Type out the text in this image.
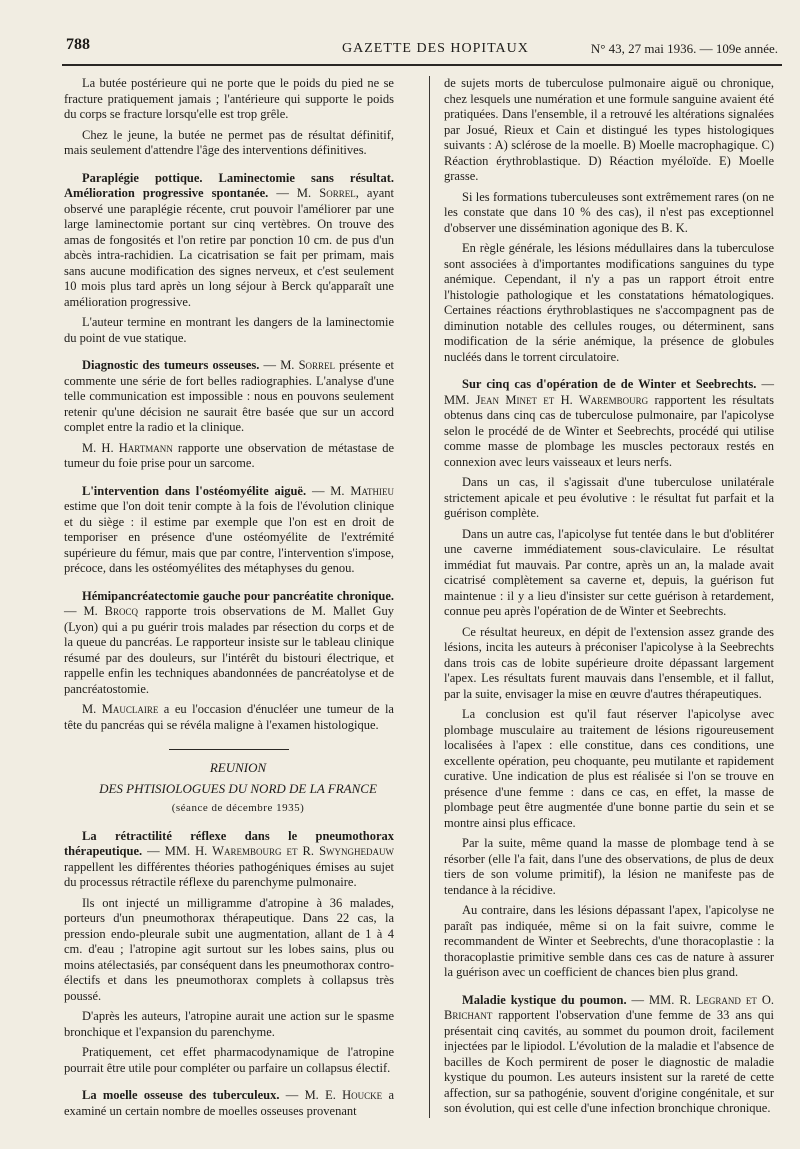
788	GAZETTE DES HOPITAUX	N° 43, 27 mai 1936. — 109e année.

La butée postérieure qui ne porte que le poids du pied ne se fracture pratiquement jamais ; l'antérieure qui supporte le poids du corps se fracture lorsqu'elle est trop grêle.

Chez le jeune, la butée ne permet pas de résultat définitif, mais seulement d'attendre l'âge des interventions définitives.

Paraplégie pottique. Laminectomie sans résultat. Amélioration progressive spontanée. — M. Sorrel, ayant observé une paraplégie récente, crut pouvoir l'améliorer par une large laminectomie portant sur cinq vertèbres. On trouve des amas de fongosités et l'on retire par ponction 10 cm. de pus d'un abcès intra-rachidien. La cicatrisation se fait per primam, mais sans aucune modification des signes nerveux, et c'est seulement 10 mois plus tard après un long séjour à Berck qu'apparaît une amélioration progressive.

L'auteur termine en montrant les dangers de la laminectomie du point de vue statique.

Diagnostic des tumeurs osseuses. — M. Sorrel présente et commente une série de fort belles radiographies. L'analyse d'une telle communication est impossible : nous en pouvons seulement retenir qu'une décision ne saurait être basée que sur un accord complet entre la radio et la clinique.

M. H. Hartmann rapporte une observation de métastase de tumeur du foie prise pour un sarcome.

L'intervention dans l'ostéomyélite aiguë. — M. Mathieu estime que l'on doit tenir compte à la fois de l'évolution clinique et du siège : il estime par exemple que l'on est en droit de temporiser en présence d'une ostéomyélite de l'extrémité supérieure du fémur, mais que par contre, l'intervention s'impose, précoce, dans les ostéomyélites des métaphyses du genou.

Hémipancréatectomie gauche pour pancréatite chronique. — M. Brocq rapporte trois observations de M. Mallet Guy (Lyon) qui a pu guérir trois malades par résection du corps et de la queue du pancréas. Le rapporteur insiste sur le tableau clinique résumé par des douleurs, sur l'intérêt du bistouri électrique, et rappelle enfin les techniques abandonnées de pancréatolyse et de pancréatostomie.

M. Mauclaire a eu l'occasion d'énucléer une tumeur de la tête du pancréas qui se révéla maligne à l'examen histologique.

REUNION

DES PHTISIOLOGUES DU NORD DE LA FRANCE

(séance de décembre 1935)

La rétractilité réflexe dans le pneumothorax thérapeutique. — MM. H. Warembourg et R. Swynghedauw rappellent les différentes théories pathogéniques émises au sujet du processus rétractile réflexe du parenchyme pulmonaire.

Ils ont injecté un milligramme d'atropine à 36 malades, porteurs d'un pneumothorax thérapeutique. Dans 22 cas, la pression endo-pleurale subit une augmentation, allant de 1 à 4 cm. d'eau ; l'atropine agit surtout sur les lobes sains, plus ou moins atélectasiés, par conséquent dans les pneumothorax contro-électifs et dans les pneumothorax complets à collapsus très poussé.

D'après les auteurs, l'atropine aurait une action sur le spasme bronchique et l'expansion du parenchyme.

Pratiquement, cet effet pharmacodynamique de l'atropine pourrait être utile pour compléter ou parfaire un collapsus électif.

La moelle osseuse des tuberculeux. — M. E. Houcke a examiné un certain nombre de moelles osseuses provenant

de sujets morts de tuberculose pulmonaire aiguë ou chronique, chez lesquels une numération et une formule sanguine avaient été pratiquées. Dans l'ensemble, il a retrouvé les altérations signalées par Josué, Rieux et Cain et distingué les types histologiques suivants : A) sclérose de la moelle. B) Moelle macrophagique. C) Réaction érythroblastique. D) Réaction myéloïde. E) Moelle grasse.

Si les formations tuberculeuses sont extrêmement rares (on ne les constate que dans 10 % des cas), il n'est pas exceptionnel d'observer une dissémination agonique des B. K.

En règle générale, les lésions médullaires dans la tuberculose sont associées à d'importantes modifications sanguines du type anémique. Cependant, il n'y a pas un rapport étroit entre l'histologie pathologique et les constatations hématologiques. Certaines réactions érythroblastiques ne s'accompagnent pas de diminution notable des cellules rouges, ou déterminent, sans modification de la série anémique, la présence de globules nucléés dans le torrent circulatoire.

Sur cinq cas d'opération de de Winter et Seebrechts. — MM. Jean Minet et H. Warembourg rapportent les résultats obtenus dans cinq cas de tuberculose pulmonaire, par l'apicolyse selon le procédé de de Winter et Seebrechts, procédé qui utilise comme masse de plombage les muscles pectoraux restés en connexion avec leurs vaisseaux et leurs nerfs.

Dans un cas, il s'agissait d'une tuberculose unilatérale strictement apicale et peu évolutive : le résultat fut parfait et la guérison complète.

Dans un autre cas, l'apicolyse fut tentée dans le but d'oblitérer une caverne immédiatement sous-claviculaire. Le résultat immédiat fut mauvais. Par contre, après un an, la malade avait cicatrisé complètement sa caverne et, depuis, la guérison fut maintenue : il y a lieu d'insister sur cette guérison à retardement, connue peu après l'opération de de Winter et Seebrechts.

Ce résultat heureux, en dépit de l'extension assez grande des lésions, incita les auteurs à préconiser l'apicolyse à la Seebrechts dans trois cas de lobite supérieure droite dépassant largement l'apex. Les résultats furent mauvais dans l'ensemble, et il fallut, par la suite, envisager la mise en œuvre d'autres thérapeutiques.

La conclusion est qu'il faut réserver l'apicolyse avec plombage musculaire au traitement de lésions rigoureusement localisées à l'apex : elle constitue, dans ces conditions, une excellente opération, peu choquante, peu mutilante et rapidement curative. Une indication de plus est réalisée si l'on se trouve en présence d'une femme : dans ce cas, en effet, la masse de plombage peut être augmentée d'une bonne partie du sein et se montre ainsi plus efficace.

Par la suite, même quand la masse de plombage tend à se résorber (elle l'a fait, dans l'une des observations, de plus de deux tiers de son volume primitif), la lésion ne manifeste pas de tendance à la récidive.

Au contraire, dans les lésions dépassant l'apex, l'apicolyse ne paraît pas indiquée, même si on la fait suivre, comme le recommandent de Winter et Seebrechts, d'une thoracoplastie : la thoracoplastie primitive semble dans ces cas de nature à assurer la guérison avec un coefficient de chances bien plus grand.

Maladie kystique du poumon. — MM. R. Legrand et O. Brichant rapportent l'observation d'une femme de 33 ans qui présentait cinq cavités, au sommet du poumon droit, facilement injectées par le lipiodol. L'évolution de la maladie et l'absence de bacilles de Koch permirent de poser le diagnostic de maladie kystique du poumon. Les auteurs insistent sur la rareté de cette affection, sur sa pathogénie, souvent d'origine congénitale, et sur son évolution, qui est celle d'une infection bronchique chronique.
